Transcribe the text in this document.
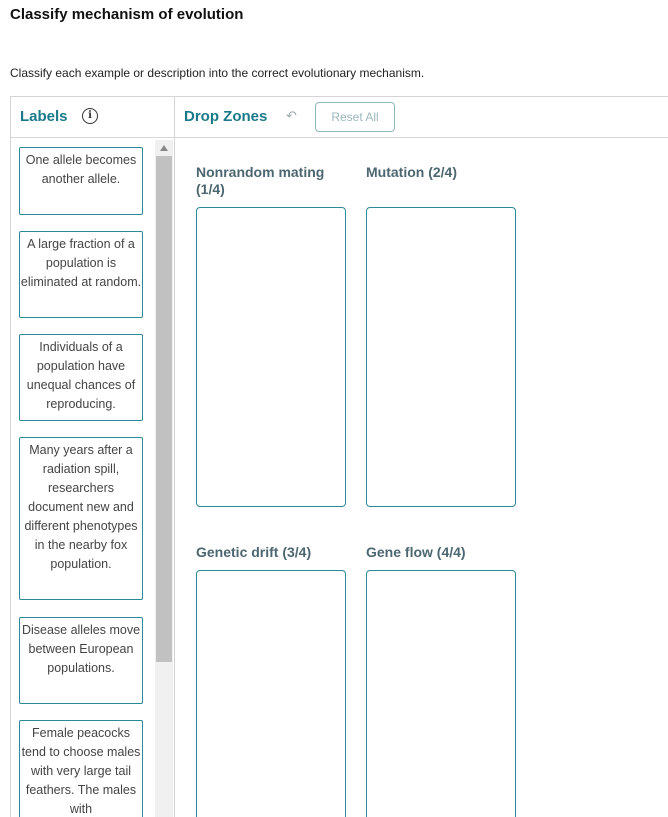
Classify mechanism of evolution
Classify each example or description into the correct evolutionary mechanism.
Labels	i	Drop Zones ↶	Reset All
One allele becomes another allele.
A large fraction of a population is eliminated at random.
Individuals of a population have unequal chances of reproducing.
Many years after a radiation spill, researchers document new and different phenotypes in the nearby fox population.
Disease alleles move between European populations.
Female peacocks tend to choose males with very large tail feathers. The males with
Nonrandom mating (1/4)
Mutation (2/4)
Genetic drift (3/4)	Gene flow (4/4)
